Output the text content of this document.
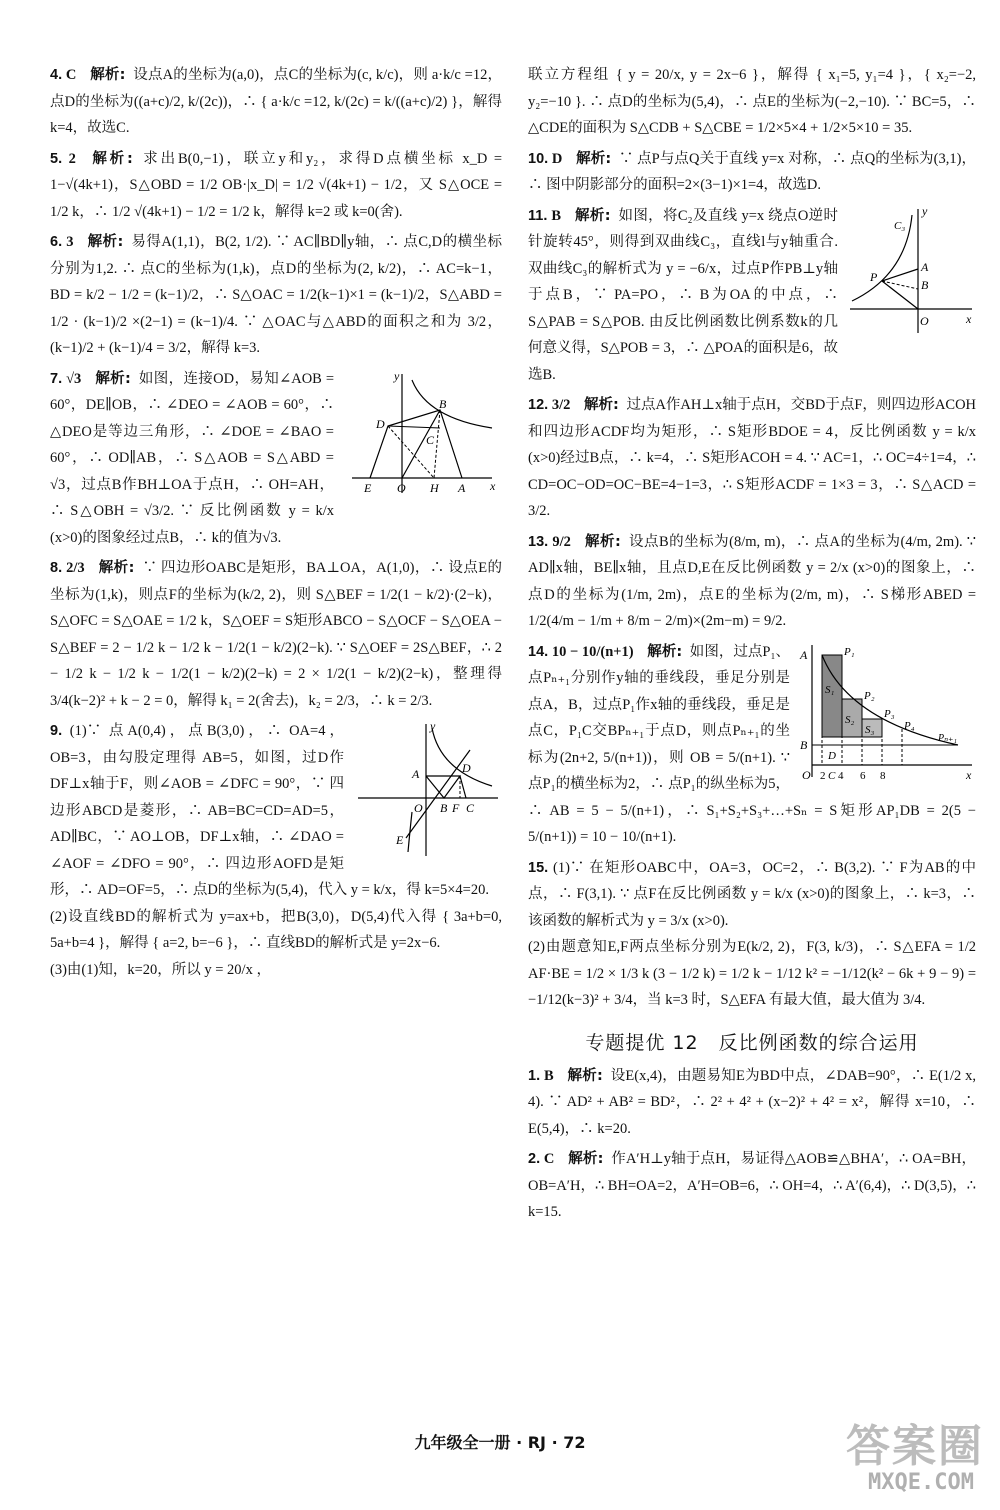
4. C 解析: 设点A的坐标为(a,0)，点C的坐标为(c, k/c)，则 a·k/c =12，点D的坐标为((a+c)/2, k/(2c))，∴ { a·k/c =12, k/(2c) = k/((a+c)/2) }，解得 k=4，故选C.
5. 2 解析: 求出B(0,−1)，联立y和y₂，求得D点横坐标 x_D = 1−√(4k+1)，S△OBD = 1/2 OB·|x_D| = 1/2 √(4k+1) − 1/2，又 S△OCE = 1/2 k，∴ 1/2 √(4k+1) − 1/2 = 1/2 k，解得 k=2 或 k=0(舍).
6. 3 解析: 易得A(1,1)，B(2, 1/2). ∵ AC∥BD∥y轴，∴ 点C,D的横坐标分别为1,2. ∴ 点C的坐标为(1,k)，点D的坐标为(2, k/2)，∴ AC=k−1，BD = k/2 − 1/2 = (k−1)/2，∴ S△OAC = 1/2(k−1)×1 = (k−1)/2，S△ABD = 1/2 · (k−1)/2 ×(2−1) = (k−1)/4. ∵ △OAC与△ABD的面积之和为 3/2，(k−1)/2 + (k−1)/4 = 3/2，解得 k=3.
y
x
D
B
C
E O H A
7. √3 解析: 如图，连接OD，易知∠AOB = 60°，DE∥OB，∴ ∠DEO = ∠AOB = 60°，∴ △DEO是等边三角形，∴ ∠DOE = ∠BAO = 60°，∴ OD∥AB，∴ S△AOB = S△ABD = √3，过点B作BH⊥OA于点H，∴ OH=AH，∴ S△OBH = √3/2. ∵ 反比例函数 y = k/x (x>0)的图象经过点B，∴ k的值为√3.
8. 2/3 解析: ∵ 四边形OABC是矩形，BA⊥OA，A(1,0)，∴ 设点E的坐标为(1,k)，则点F的坐标为(k/2, 2)，则 S△BEF = 1/2(1 − k/2)·(2−k)，S△OFC = S△OAE = 1/2 k，S△OEF = S矩形ABCO − S△OCF − S△OEA − S△BEF = 2 − 1/2 k − 1/2 k − 1/2(1 − k/2)(2−k). ∵ S△OEF = 2S△BEF，∴ 2 − 1/2 k − 1/2 k − 1/2(1 − k/2)(2−k) = 2 × 1/2(1 − k/2)(2−k)，整理得 3/4(k−2)² + k − 2 = 0，解得 k₁ = 2(舍去)，k₂ = 2/3，∴ k = 2/3.
y
A	D
O B F C
E
9. (1)∵ 点A(0,4)，点B(3,0)，∴ OA=4，OB=3，由勾股定理得 AB=5，如图，过D作DF⊥x轴于F，则∠AOB = ∠DFC = 90°，∵ 四边形ABCD是菱形，∴ AB=BC=CD=AD=5，AD∥BC，∵ AO⊥OB，DF⊥x轴，∴ ∠DAO = ∠AOF = ∠DFO = 90°，∴ 四边形AOFD是矩形，∴ AD=OF=5，∴ 点D的坐标为(5,4)，代入 y = k/x，得 k=5×4=20.
(2)设直线BD的解析式为 y=ax+b，把B(3,0)，D(5,4)代入得 { 3a+b=0, 5a+b=4 }，解得 { a=2, b=−6 }，∴ 直线BD的解析式是 y=2x−6.
(3)由(1)知，k=20，所以 y = 20/x ，
联立方程组 { y = 20/x, y = 2x−6 }，解得 { x₁=5, y₁=4 }，{ x₂=−2, y₂=−10 }. ∴ 点D的坐标为(5,4)，∴ 点E的坐标为(−2,−10). ∵ BC=5，∴ △CDE的面积为 S△CDB + S△CBE = 1/2×5×4 + 1/2×5×10 = 35.
10. D 解析: ∵ 点P与点Q关于直线 y=x 对称，∴ 点Q的坐标为(3,1)，∴ 图中阴影部分的面积=2×(3−1)×1=4，故选D.
y
x
C₃
A
P
B
O
11. B 解析: 如图，将C₂及直线 y=x 绕点O逆时针旋转45°，则得到双曲线C₃，直线l与y轴重合. 双曲线C₃的解析式为 y = −6/x，过点P作PB⊥y轴于点B，∵ PA=PO，∴ B为OA的中点，∴ S△PAB = S△POB. 由反比例函数比例系数k的几何意义得，S△POB = 3，∴ △POA的面积是6，故选B.
12. 3/2 解析: 过点A作AH⊥x轴于点H，交BD于点F，则四边形ACOH和四边形ACDF均为矩形，∴ S矩形BDOE = 4，反比例函数 y = k/x (x>0)经过B点，∴ k=4，∴ S矩形ACOH = 4. ∵ AC=1，∴ OC=4÷1=4，∴ CD=OC−OD=OC−BE=4−1=3，∴ S矩形ACDF = 1×3 = 3，∴ S△ACD = 3/2.
13. 9/2 解析: 设点B的坐标为(8/m, m)，∴ 点A的坐标为(4/m, 2m). ∵ AD∥x轴，BE∥x轴，且点D,E在反比例函数 y = 2/x (x>0)的图象上，∴ 点D的坐标为(1/m, 2m)，点E的坐标为(2/m, m)，∴ S梯形ABED = 1/2(4/m − 1/m + 8/m − 2/m)×(2m−m) = 9/2.
A	P₁
S₁	P₂
S₂
S₃
P₃
P₄
Pₙ₊₁
B
D
O 2 C 4 6 8	x
14. 10 − 10/(n+1) 解析: 如图，过点P₁、点Pₙ₊₁分别作y轴的垂线段，垂足分别是点A，B，过点P₁作x轴的垂线段，垂足是点C，P₁C交BPₙ₊₁于点D，则点Pₙ₊₁的坐标为(2n+2, 5/(n+1))，则 OB = 5/(n+1). ∵ 点P₁的横坐标为2，∴ 点P₁的纵坐标为5，∴ AB = 5 − 5/(n+1)，∴ S₁+S₂+S₃+…+Sₙ = S矩形AP₁DB = 2(5 − 5/(n+1)) = 10 − 10/(n+1).
15. (1)∵ 在矩形OABC中，OA=3，OC=2，∴ B(3,2). ∵ F为AB的中点，∴ F(3,1). ∵ 点F在反比例函数 y = k/x (x>0)的图象上，∴ k=3，∴ 该函数的解析式为 y = 3/x (x>0).
(2)由题意知E,F两点坐标分别为E(k/2, 2)，F(3, k/3)，∴ S△EFA = 1/2 AF·BE = 1/2 × 1/3 k (3 − 1/2 k) = 1/2 k − 1/12 k² = −1/12(k² − 6k + 9 − 9) = −1/12(k−3)² + 3/4，当 k=3 时，S△EFA 有最大值，最大值为 3/4.
专题提优 12　反比例函数的综合运用
1. B 解析: 设E(x,4)，由题易知E为BD中点，∠DAB=90°，∴ E(1/2 x, 4). ∵ AD² + AB² = BD²，∴ 2² + 4² + (x−2)² + 4² = x²，解得 x=10，∴ E(5,4)，∴ k=20.
2. C 解析: 作A′H⊥y轴于点H，易证得△AOB≌△BHA′，∴ OA=BH，OB=A′H，∴ BH=OA=2，A′H=OB=6，∴ OH=4，∴ A′(6,4)，∴ D(3,5)，∴ k=15.
九年级全一册 · RJ · 72	答案圈
MXQE.COM
